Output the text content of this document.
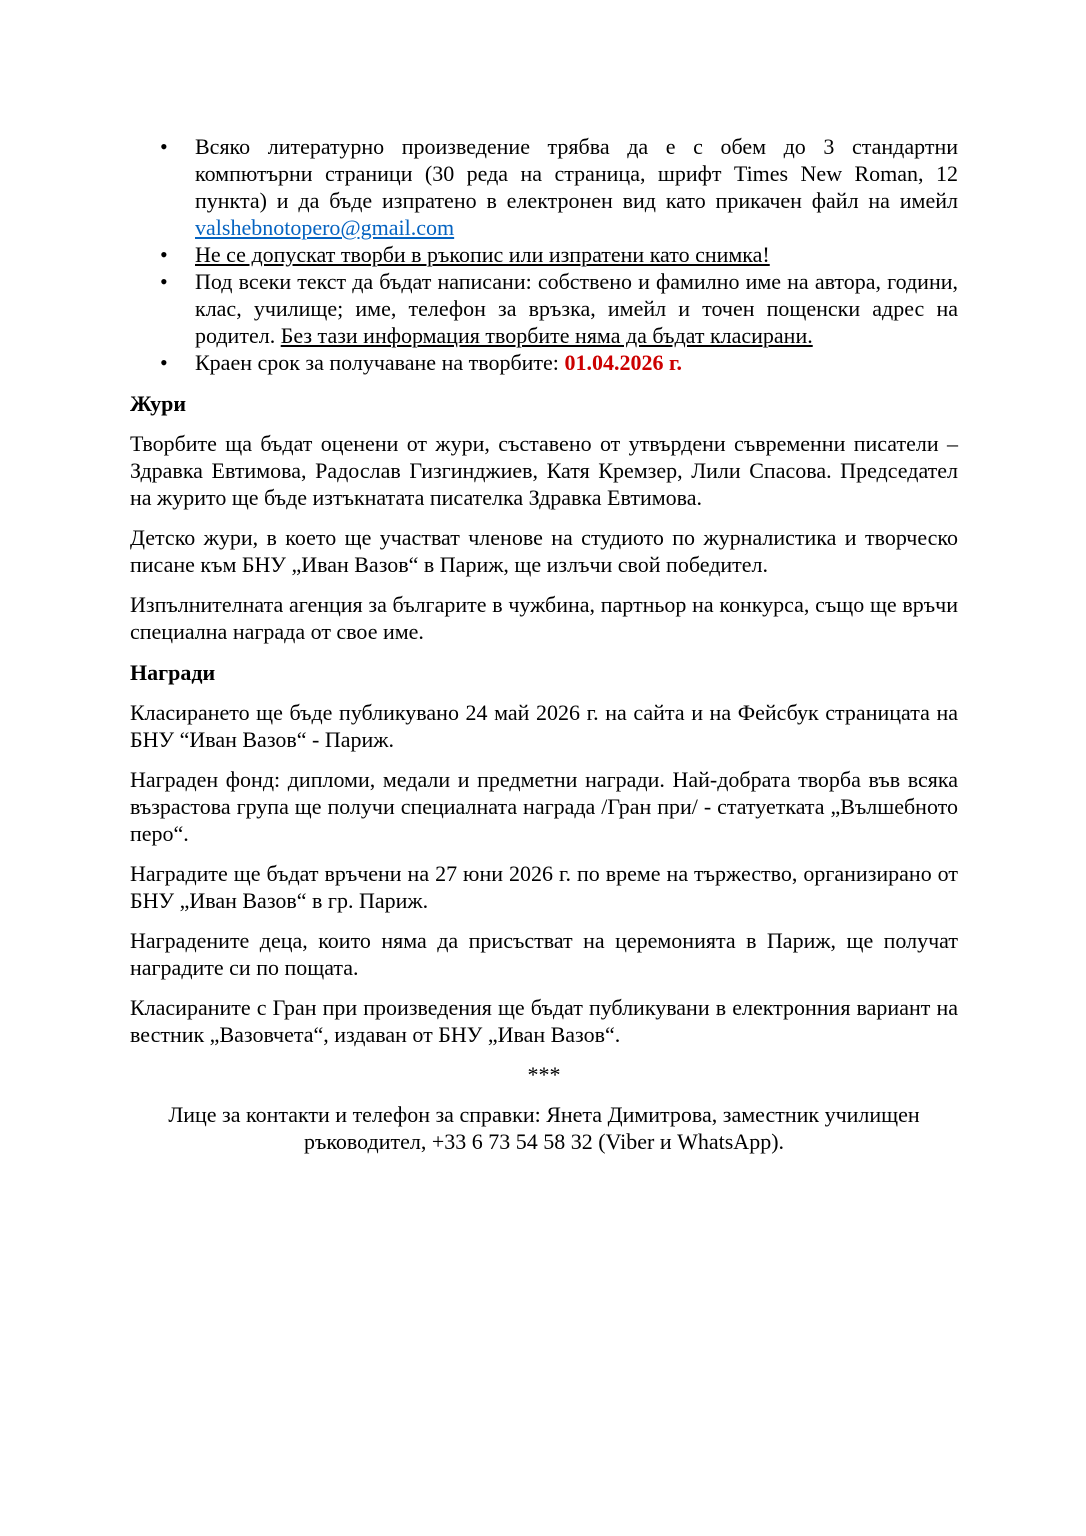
• Всяко литературно произведение трябва да е с обем до 3 стандартни компютърни страници (30 реда на страница, шрифт Times New Roman, 12 пункта) и да бъде изпратено в електронен вид като прикачен файл на имейл valshebnotopero@gmail.com
• Не се допускат творби в ръкопис или изпратени като снимка!
• Под всеки текст да бъдат написани: собствено и фамилно име на автора, години, клас, училище; име, телефон за връзка, имейл и точен пощенски адрес на родител. Без тази информация творбите няма да бъдат класирани.
• Краен срок за получаване на творбите: 01.04.2026 г.
Жури

Творбите ща бъдат оценени от жури, съставено от утвърдени съвременни писатели – Здравка Евтимова, Радослав Гизгинджиев, Катя Кремзер, Лили Спасова. Председател на журито ще бъде изтъкнатата писателка Здравка Евтимова.

Детско жури, в което ще участват членове на студиото по журналистика и творческо писане към БНУ „Иван Вазов“ в Париж, ще излъчи свой победител.

Изпълнителната агенция за българите в чужбина, партньор на конкурса, също ще връчи специална награда от свое име.

Награди

Класирането ще бъде публикувано 24 май 2026 г. на сайта и на Фейсбук страницата на БНУ “Иван Вазов“ - Париж.

Награден фонд: дипломи, медали и предметни награди. Най-добрата творба във всяка възрастова група ще получи специалната награда /Гран при/ - статуетката „Вълшебното перо“.

Наградите ще бъдат връчени на 27 юни 2026 г. по време на тържество, организирано от БНУ „Иван Вазов“ в гр. Париж.

Наградените деца, които няма да присъстват на церемонията в Париж, ще получат наградите си по пощата.

Класираните с Гран при произведения ще бъдат публикувани в електронния вариант на вестник „Вазовчета“, издаван от БНУ „Иван Вазов“.

***

Лице за контакти и телефон за справки: Янета Димитрова, заместник училищен ръководител, +33 6 73 54 58 32 (Viber и WhatsApp).
